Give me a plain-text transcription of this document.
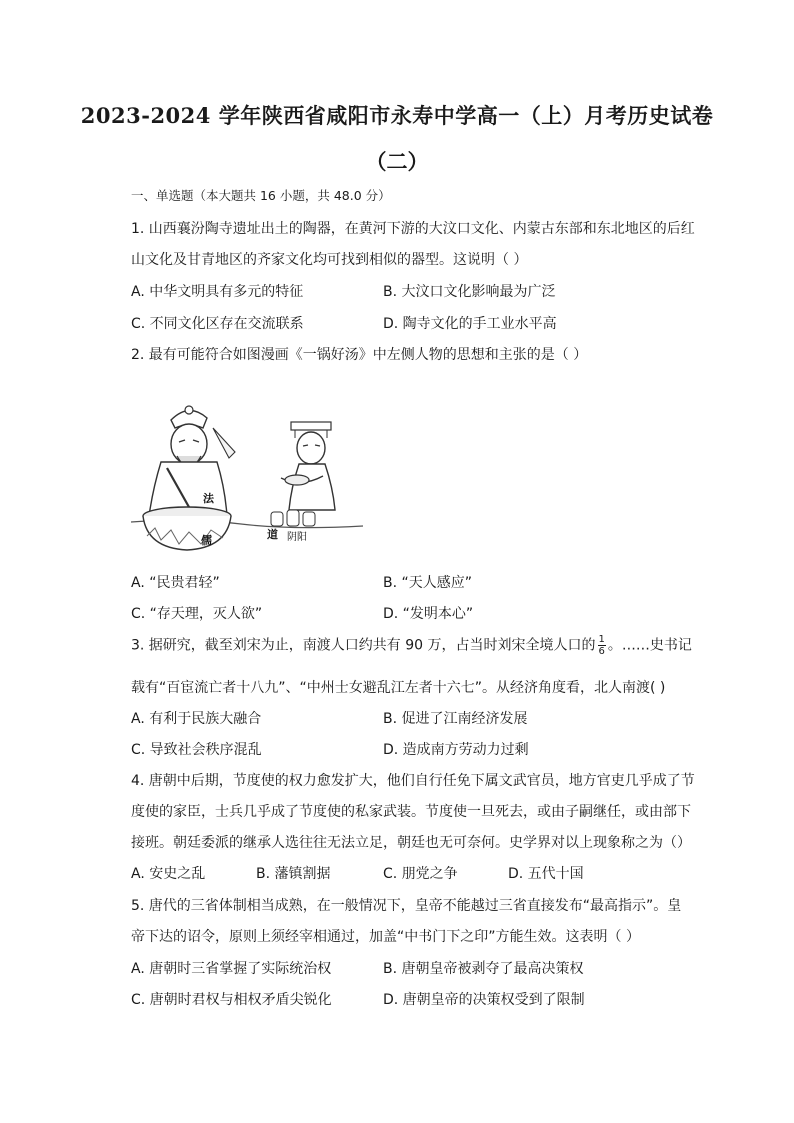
2023-2024 学年陕西省咸阳市永寿中学高一（上）月考历史试卷
（二）
一、单选题（本大题共 16 小题，共 48.0 分）
1. 山西襄汾陶寺遗址出土的陶器，在黄河下游的大汶口文化、内蒙古东部和东北地区的后红
山文化及甘青地区的齐家文化均可找到相似的器型。这说明（ ）
A. 中华文明具有多元的特征	B. 大汶口文化影响最为广泛
C. 不同文化区存在交流联系	D. 陶寺文化的手工业水平高
2. 最有可能符合如图漫画《一锅好汤》中左侧人物的思想和主张的是（ ）
法
儒	道 阴阳
A. “民贵君轻”	B. “天人感应”
C. “存天理，灭人欲”	D. “发明本心”
3. 据研究，截至刘宋为止，南渡人口约共有 90 万，占当时刘宋全境人口的 $\frac{1}{6}$ 。……史书记
载有“百宦流亡者十八九”、“中州士女避乱江左者十六七”。从经济角度看，北人南渡( )
A. 有利于民族大融合	B. 促进了江南经济发展
C. 导致社会秩序混乱	D. 造成南方劳动力过剩
4. 唐朝中后期，节度使的权力愈发扩大，他们自行任免下属文武官员，地方官吏几乎成了节
度使的家臣，士兵几乎成了节度使的私家武装。节度使一旦死去，或由子嗣继任，或由部下
接班。朝廷委派的继承人选往往无法立足，朝廷也无可奈何。史学界对以上现象称之为（）
A. 安史之乱	B. 藩镇割据	C. 朋党之争	D. 五代十国
5. 唐代的三省体制相当成熟，在一般情况下，皇帝不能越过三省直接发布“最高指示”。皇
帝下达的诏令，原则上须经宰相通过，加盖“中书门下之印”方能生效。这表明（ ）
A. 唐朝时三省掌握了实际统治权	B. 唐朝皇帝被剥夺了最高决策权
C. 唐朝时君权与相权矛盾尖锐化	D. 唐朝皇帝的决策权受到了限制
